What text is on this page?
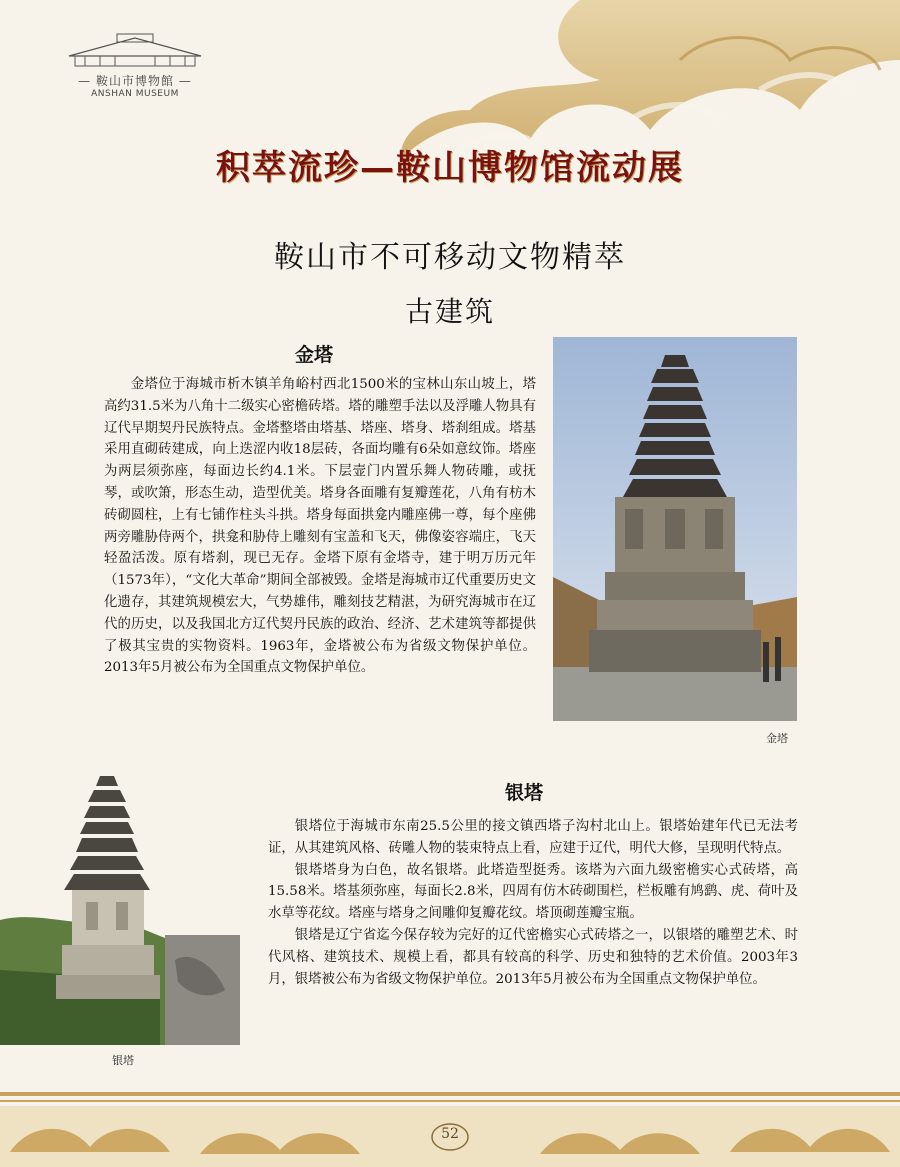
— 鞍山市博物館 —
ANSHAN MUSEUM
积萃流珍—鞍山博物馆流动展
鞍山市不可移动文物精萃
古建筑
金塔

金塔位于海城市析木镇羊角峪村西北1500米的宝林山东山坡上，塔高约31.5米为八角十二级实心密檐砖塔。塔的雕塑手法以及浮雕人物具有辽代早期契丹民族特点。金塔整塔由塔基、塔座、塔身、塔刹组成。塔基采用直砌砖建成，向上迭涩内收18层砖，各面均雕有6朵如意纹饰。塔座为两层须弥座，每面边长约4.1米。下层壸门内置乐舞人物砖雕，或抚琴，或吹箫，形态生动，造型优美。塔身各面雕有复瓣莲花，八角有枋木砖砌圆柱，上有七铺作柱头斗拱。塔身每面拱龛内雕座佛一尊，每个座佛两旁雕胁侍两个，拱龛和胁侍上雕刻有宝盖和飞天，佛像姿容端庄，飞天轻盈活泼。原有塔刹，现已无存。金塔下原有金塔寺，建于明万历元年（1573年），“文化大革命”期间全部被毁。金塔是海城市辽代重要历史文化遗存，其建筑规模宏大，气势雄伟，雕刻技艺精湛，为研究海城市在辽代的历史，以及我国北方辽代契丹民族的政治、经济、艺术建筑等都提供了极其宝贵的实物资料。1963年，金塔被公布为省级文物保护单位。2013年5月被公布为全国重点文物保护单位。

金塔
银塔

银塔位于海城市东南25.5公里的接文镇西塔子沟村北山上。银塔始建年代已无法考证，从其建筑风格、砖雕人物的装束特点上看，应建于辽代，明代大修，呈现明代特点。

银塔塔身为白色，故名银塔。此塔造型挺秀。该塔为六面九级密檐实心式砖塔，高15.58米。塔基须弥座，每面长2.8米，四周有仿木砖砌围栏，栏板雕有鸠鹞、虎、荷叶及水草等花纹。塔座与塔身之间雕仰复瓣花纹。塔顶砌莲瓣宝瓶。

银塔是辽宁省迄今保存较为完好的辽代密檐实心式砖塔之一，以银塔的雕塑艺术、时代风格、建筑技术、规模上看，都具有较高的科学、历史和独特的艺术价值。2003年3月，银塔被公布为省级文物保护单位。2013年5月被公布为全国重点文物保护单位。

银塔
52
